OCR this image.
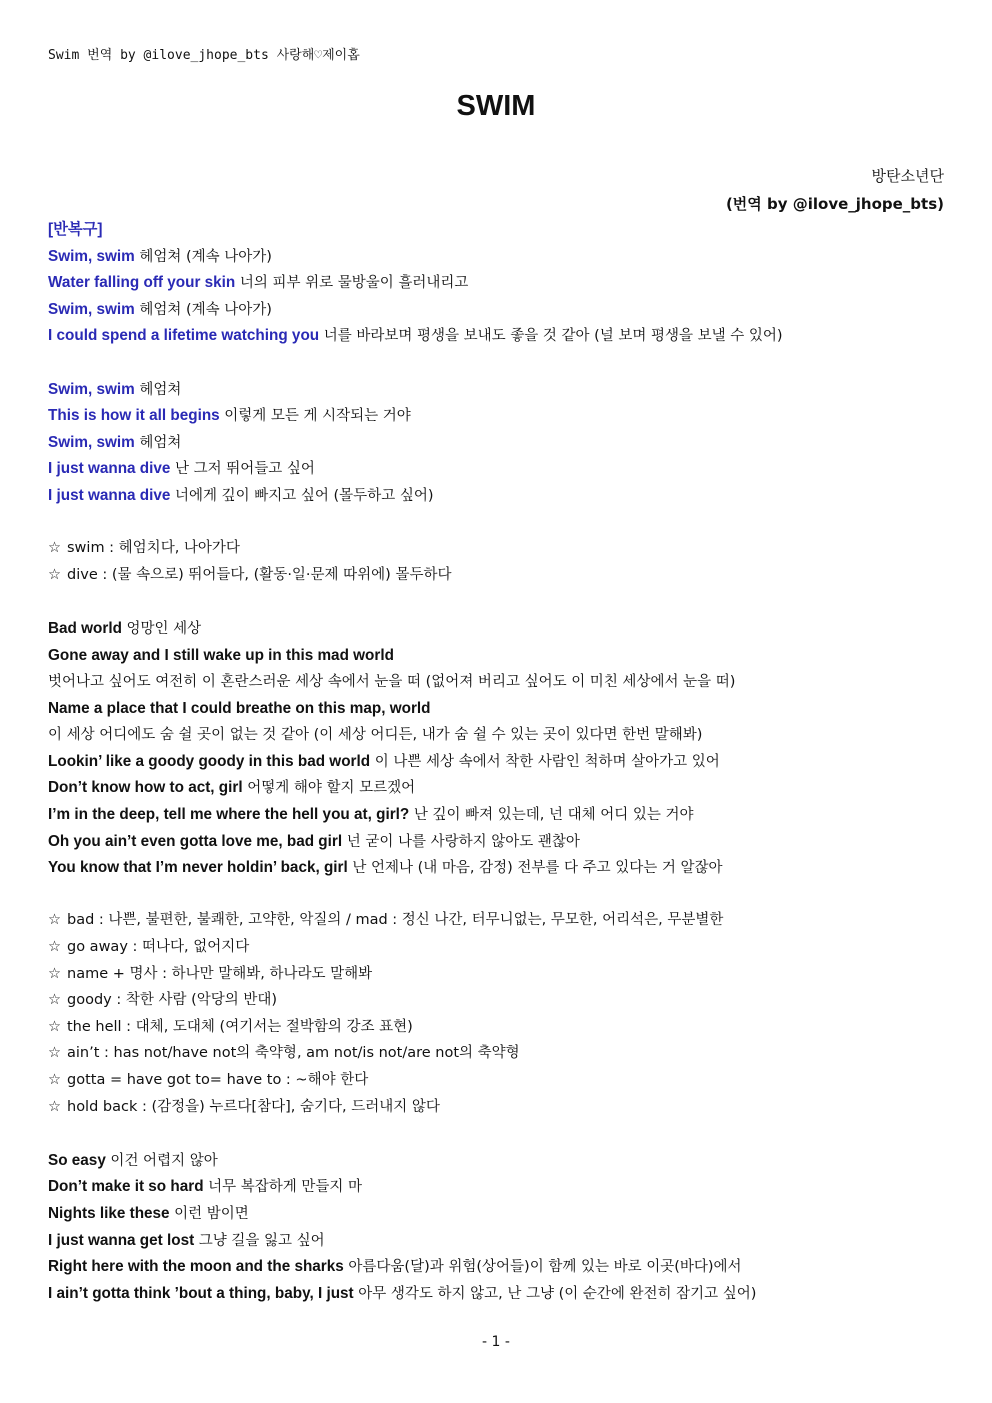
Swim 번역 by @ilove_jhope_bts 사랑해♡제이홉
SWIM
방탄소년단
(번역 by @ilove_jhope_bts)
[반복구]
Swim, swim 헤엄쳐 (계속 나아가)
Water falling off your skin 너의 피부 위로 물방울이 흘러내리고
Swim, swim 헤엄쳐 (계속 나아가)
I could spend a lifetime watching you 너를 바라보며 평생을 보내도 좋을 것 같아 (널 보며 평생을 보낼 수 있어)
Swim, swim 헤엄쳐
This is how it all begins 이렇게 모든 게 시작되는 거야
Swim, swim 헤엄쳐
I just wanna dive 난 그저 뛰어들고 싶어
I just wanna dive 너에게 깊이 빠지고 싶어 (몰두하고 싶어)
☆ swim : 헤엄치다, 나아가다
☆ dive : (물 속으로) 뛰어들다, (활동·일·문제 따위에) 몰두하다
Bad world 엉망인 세상
Gone away and I still wake up in this mad world
벗어나고 싶어도 여전히 이 혼란스러운 세상 속에서 눈을 떠 (없어져 버리고 싶어도 이 미친 세상에서 눈을 떠)
Name a place that I could breathe on this map, world
이 세상 어디에도 숨 쉴 곳이 없는 것 같아 (이 세상 어디든, 내가 숨 쉴 수 있는 곳이 있다면 한번 말해봐)
Lookin’ like a goody goody in this bad world 이 나쁜 세상 속에서 착한 사람인 척하며 살아가고 있어
Don’t know how to act, girl 어떻게 해야 할지 모르겠어
I’m in the deep, tell me where the hell you at, girl? 난 깊이 빠져 있는데, 넌 대체 어디 있는 거야
Oh you ain’t even gotta love me, bad girl 넌 굳이 나를 사랑하지 않아도 괜찮아
You know that I’m never holdin’ back, girl 난 언제나 (내 마음, 감정) 전부를 다 주고 있다는 거 알잖아
☆ bad : 나쁜, 불편한, 불쾌한, 고약한, 악질의 / mad : 정신 나간, 터무니없는, 무모한, 어리석은, 무분별한
☆ go away : 떠나다, 없어지다
☆ name + 명사 : 하나만 말해봐, 하나라도 말해봐
☆ goody : 착한 사람 (악당의 반대)
☆ the hell : 대체, 도대체 (여기서는 절박함의 강조 표현)
☆ ain’t : has not/have not의 축약형, am not/is not/are not의 축약형
☆ gotta = have got to= have to : ~해야 한다
☆ hold back : (감정을) 누르다[참다], 숨기다, 드러내지 않다
So easy 이건 어렵지 않아
Don’t make it so hard 너무 복잡하게 만들지 마
Nights like these 이런 밤이면
I just wanna get lost 그냥 길을 잃고 싶어
Right here with the moon and the sharks 아름다움(달)과 위험(상어들)이 함께 있는 바로 이곳(바다)에서
I ain’t gotta think ’bout a thing, baby, I just 아무 생각도 하지 않고, 난 그냥 (이 순간에 완전히 잠기고 싶어)
- 1 -
